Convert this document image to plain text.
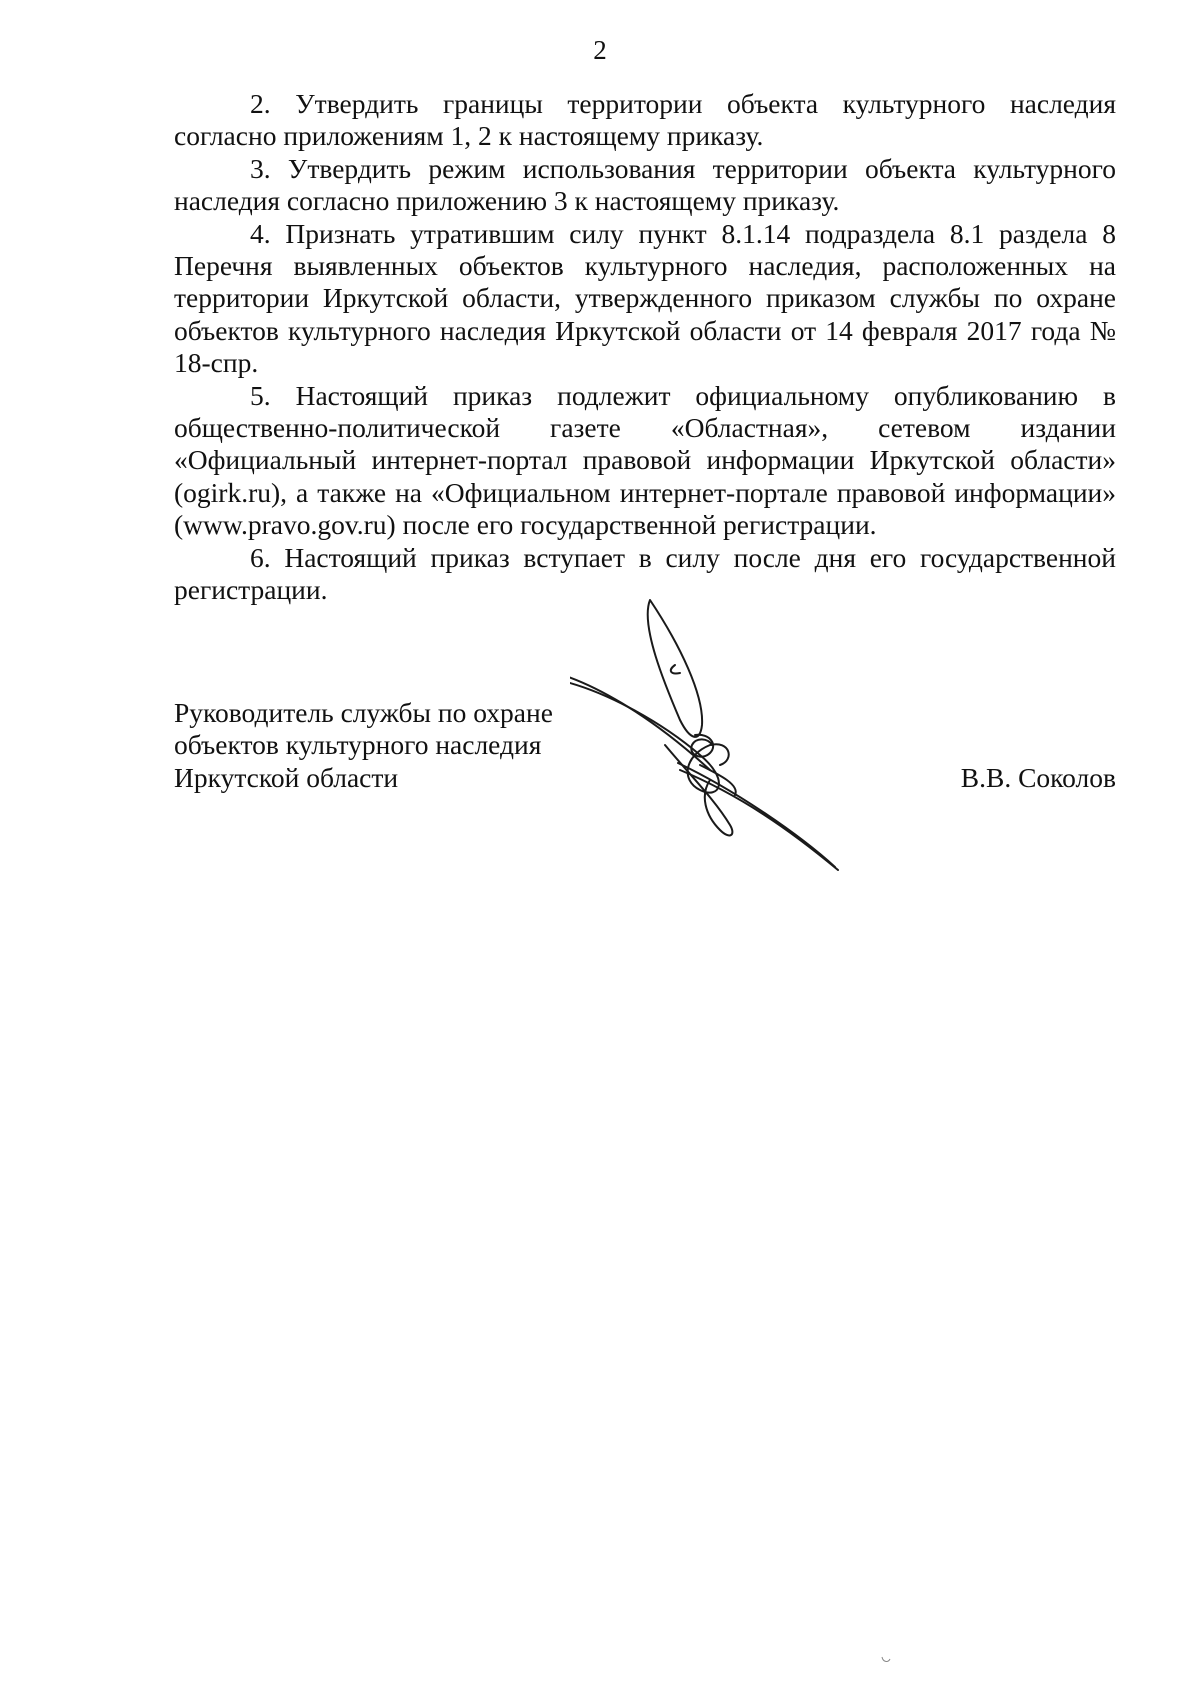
2

2. Утвердить границы территории объекта культурного наследия согласно приложениям 1, 2 к настоящему приказу.

3. Утвердить режим использования территории объекта культурного наследия согласно приложению 3 к настоящему приказу.

4. Признать утратившим силу пункт 8.1.14 подраздела 8.1 раздела 8 Перечня выявленных объектов культурного наследия, расположенных на территории Иркутской области, утвержденного приказом службы по охране объектов культурного наследия Иркутской области от 14 февраля 2017 года № 18-спр.

5. Настоящий приказ подлежит официальному опубликованию в общественно-политической газете «Областная», сетевом издании «Официальный интернет-портал правовой информации Иркутской области» (ogirk.ru), а также на «Официальном интернет-портале правовой информации» (www.pravo.gov.ru) после его государственной регистрации.

6. Настоящий приказ вступает в силу после дня его государственной регистрации.

Руководитель службы по охране
объектов культурного наследия
Иркутской области	В.В. Соколов
